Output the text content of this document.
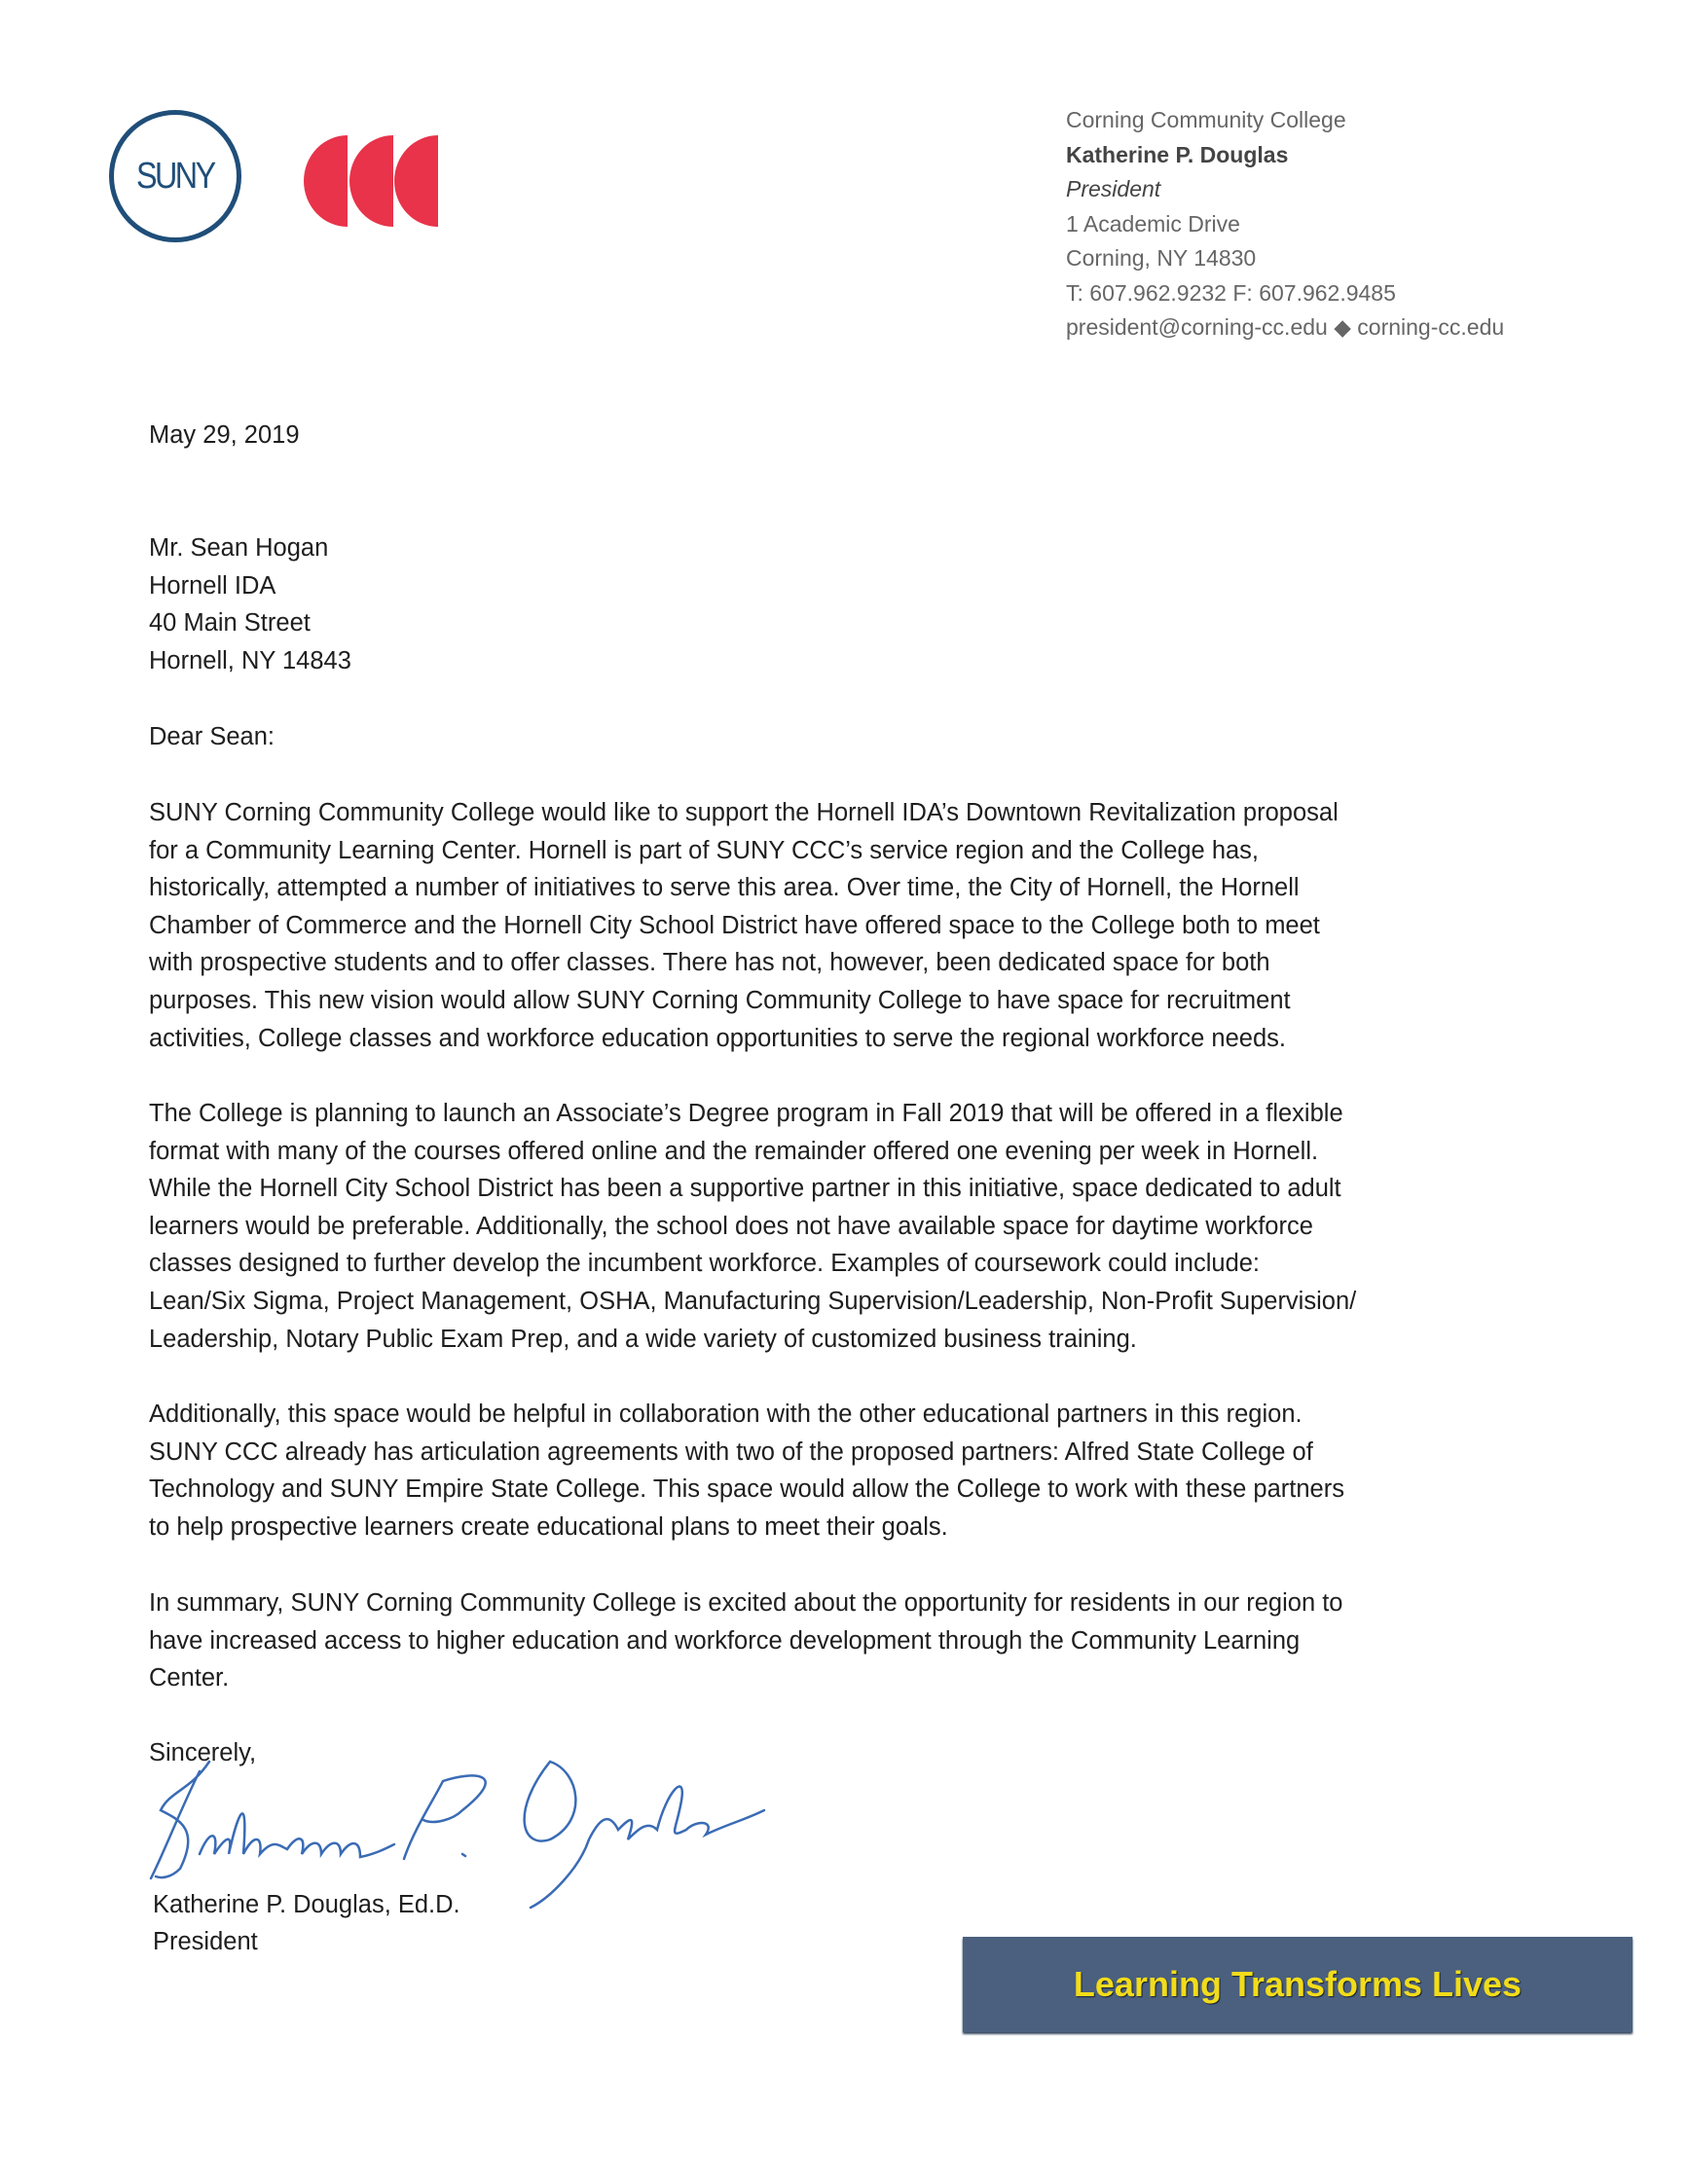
SUNY
Corning Community College
Katherine P. Douglas
President
1 Academic Drive
Corning, NY 14830
T: 607.962.9232 F: 607.962.9485
president@corning-cc.edu ◆ corning-cc.edu
May 29, 2019
Mr. Sean Hogan
Hornell IDA
40 Main Street
Hornell, NY 14843
Dear Sean:
SUNY Corning Community College would like to support the Hornell IDA’s Downtown Revitalization proposal
for a Community Learning Center. Hornell is part of SUNY CCC’s service region and the College has,
historically, attempted a number of initiatives to serve this area. Over time, the City of Hornell, the Hornell
Chamber of Commerce and the Hornell City School District have offered space to the College both to meet
with prospective students and to offer classes. There has not, however, been dedicated space for both
purposes. This new vision would allow SUNY Corning Community College to have space for recruitment
activities, College classes and workforce education opportunities to serve the regional workforce needs.
The College is planning to launch an Associate’s Degree program in Fall 2019 that will be offered in a flexible
format with many of the courses offered online and the remainder offered one evening per week in Hornell.
While the Hornell City School District has been a supportive partner in this initiative, space dedicated to adult
learners would be preferable. Additionally, the school does not have available space for daytime workforce
classes designed to further develop the incumbent workforce. Examples of coursework could include:
Lean/Six Sigma, Project Management, OSHA, Manufacturing Supervision/Leadership, Non-Profit Supervision/
Leadership, Notary Public Exam Prep, and a wide variety of customized business training.
Additionally, this space would be helpful in collaboration with the other educational partners in this region.
SUNY CCC already has articulation agreements with two of the proposed partners: Alfred State College of
Technology and SUNY Empire State College. This space would allow the College to work with these partners
to help prospective learners create educational plans to meet their goals.
In summary, SUNY Corning Community College is excited about the opportunity for residents in our region to
have increased access to higher education and workforce development through the Community Learning
Center.
Sincerely,
Katherine P. Douglas, Ed.D.
President
Learning Transforms Lives
